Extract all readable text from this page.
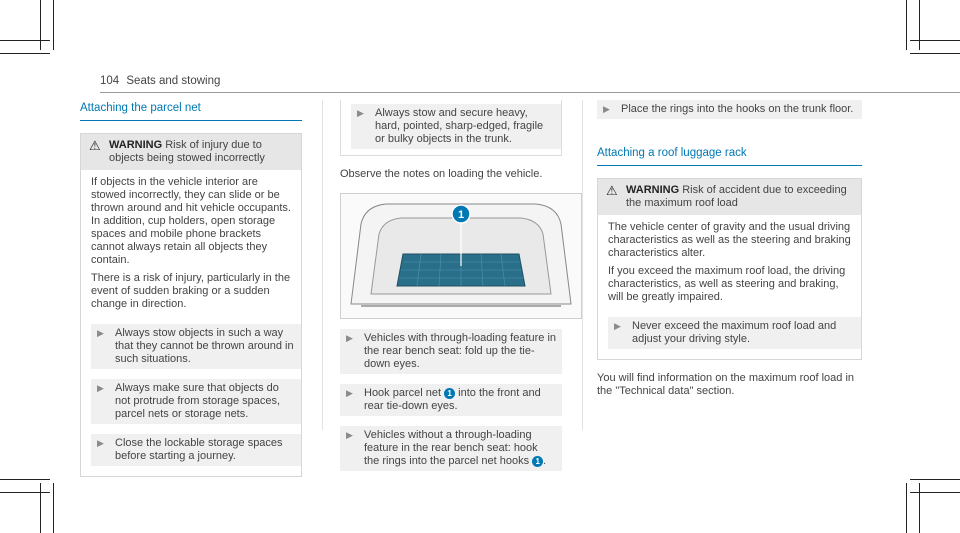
104 Seats and stowing
Attaching the parcel net
⚠ WARNING Risk of injury due to objects being stowed incorrectly

If objects in the vehicle interior are stowed incorrectly, they can slide or be thrown around and hit vehicle occupants. In addition, cup holders, open storage spaces and mobile phone brackets cannot always retain all objects they contain.

There is a risk of injury, particularly in the event of sudden braking or a sudden change in direction.

▶ Always stow objects in such a way that they cannot be thrown around in such situations.
▶ Always make sure that objects do not protrude from storage spaces, parcel nets or storage nets.
▶ Close the lockable storage spaces before starting a journey.
▶ Always stow and secure heavy, hard, pointed, sharp-edged, fragile or bulky objects in the trunk.

Observe the notes on loading the vehicle.

1
▶ Vehicles with through-loading feature in the rear bench seat: fold up the tie-down eyes.
▶ Hook parcel net 1 into the front and rear tie-down eyes.
▶ Vehicles without a through-loading feature in the rear bench seat: hook the rings into the parcel net hooks 1 .
▶ Place the rings into the hooks on the trunk floor.
Attaching a roof luggage rack
⚠ WARNING Risk of accident due to exceeding the maximum roof load

The vehicle center of gravity and the usual driving characteristics as well as the steering and braking characteristics alter.

If you exceed the maximum roof load, the driving characteristics, as well as steering and braking, will be greatly impaired.

▶ Never exceed the maximum roof load and adjust your driving style.

You will find information on the maximum roof load in the "Technical data" section.
